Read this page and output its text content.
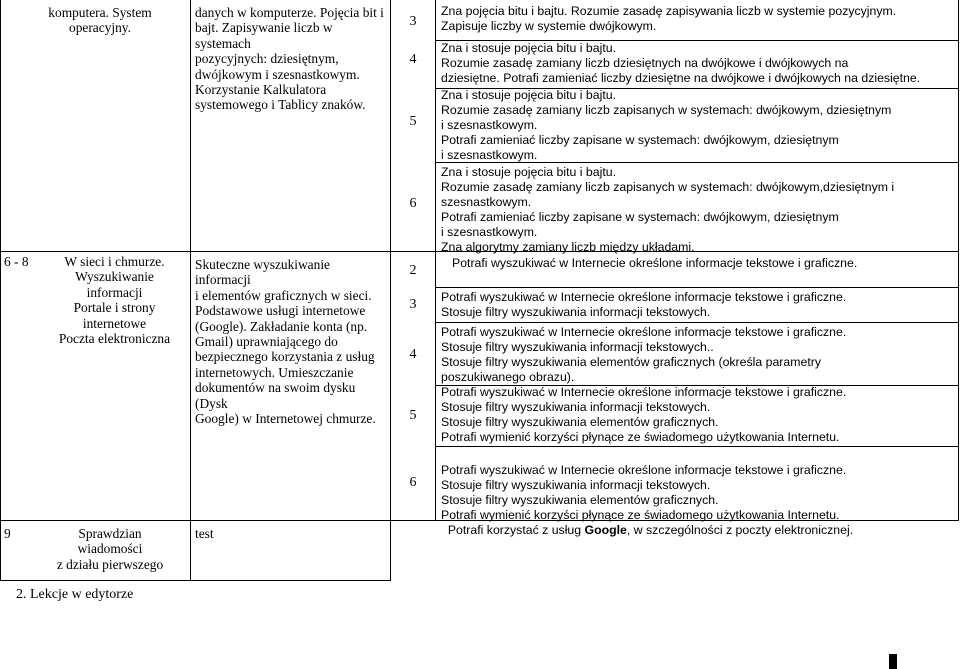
komputera. System
operacyjny.
6 - 8	W sieci i chmurze.
Wyszukiwanie
informacji
Portale i strony
internetowe
Poczta elektroniczna
9	Sprawdzian
wiadomości
z działu pierwszego
danych w komputerze. Pojęcia bit i
bajt. Zapisywanie liczb w systemach
pozycyjnych: dziesiętnym,
dwójkowym i szesnastkowym.
Korzystanie Kalkulatora
systemowego i Tablicy znaków.
Skuteczne wyszukiwanie informacji
i elementów graficznych w sieci.
Podstawowe usługi internetowe
(Google). Zakładanie konta (np.
Gmail) uprawniającego do
bezpiecznego korzystania z usług
internetowych. Umieszczanie
dokumentów na swoim dysku (Dysk
Google) w Internetowej chmurze.
test
3
4
5
6
2
3
4
5
6
Zna pojęcia bitu i bajtu. Rozumie zasadę zapisywania liczb w systemie pozycyjnym.
Zapisuje liczby w systemie dwójkowym.
Zna i stosuje pojęcia bitu i bajtu.
Rozumie zasadę zamiany liczb dziesiętnych na dwójkowe i dwójkowych na
dziesiętne. Potrafi zamieniać liczby dziesiętne na dwójkowe i dwójkowych na dziesiętne.
Zna i stosuje pojęcia bitu i bajtu.
Rozumie zasadę zamiany liczb zapisanych w systemach: dwójkowym, dziesiętnym
i szesnastkowym.
Potrafi zamieniać liczby zapisane w systemach: dwójkowym, dziesiętnym
i szesnastkowym.
Zna i stosuje pojęcia bitu i bajtu.
Rozumie zasadę zamiany liczb zapisanych w systemach: dwójkowym,dziesiętnym i
szesnastkowym.
Potrafi zamieniać liczby zapisane w systemach: dwójkowym, dziesiętnym
i szesnastkowym.
Zna algorytmy zamiany liczb między układami.
Potrafi wyszukiwać w Internecie określone informacje tekstowe i graficzne.
Potrafi wyszukiwać w Internecie określone informacje tekstowe i graficzne.
Stosuje filtry wyszukiwania informacji tekstowych.
Potrafi wyszukiwać w Internecie określone informacje tekstowe i graficzne.
Stosuje filtry wyszukiwania informacji tekstowych..
Stosuje filtry wyszukiwania elementów graficznych (określa parametry
poszukiwanego obrazu).
Potrafi wyszukiwać w Internecie określone informacje tekstowe i graficzne.
Stosuje filtry wyszukiwania informacji tekstowych.
Stosuje filtry wyszukiwania elementów graficznych.
Potrafi wymienić korzyści płynące ze świadomego użytkowania Internetu.

Potrafi wyszukiwać w Internecie określone informacje tekstowe i graficzne.
Stosuje filtry wyszukiwania informacji tekstowych.
Stosuje filtry wyszukiwania elementów graficznych.
Potrafi wymienić korzyści płynące ze świadomego użytkowania Internetu.
Potrafi korzystać z usług Google, w szczególności z poczty elektronicznej.

2. Lekcje w edytorze
